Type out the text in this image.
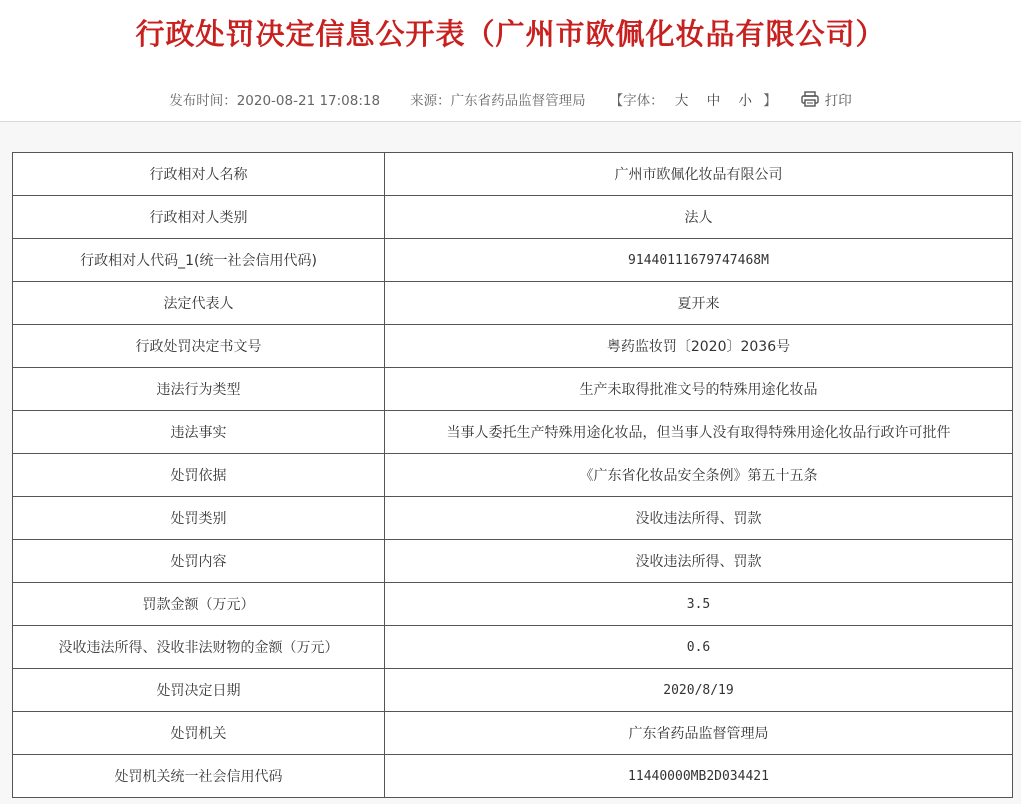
行政处罚决定信息公开表（广州市欧佩化妆品有限公司）
发布时间：2020-08-21 17:08:18 来源：广东省药品监督管理局 【字体： 大 中 小 】	打印
行政相对人名称	广州市欧佩化妆品有限公司
行政相对人类别	法人
行政相对人代码_1(统一社会信用代码)	91440111679747468M
法定代表人	夏开来
行政处罚决定书文号	粤药监妆罚〔2020〕2036号
违法行为类型	生产未取得批准文号的特殊用途化妆品
违法事实	当事人委托生产特殊用途化妆品，但当事人没有取得特殊用途化妆品行政许可批件
处罚依据	《广东省化妆品安全条例》第五十五条
处罚类别	没收违法所得、罚款
处罚内容	没收违法所得、罚款
罚款金额（万元）	3.5
没收违法所得、没收非法财物的金额（万元）	0.6
处罚决定日期	2020/8/19
处罚机关	广东省药品监督管理局
处罚机关统一社会信用代码	11440000MB2D034421
